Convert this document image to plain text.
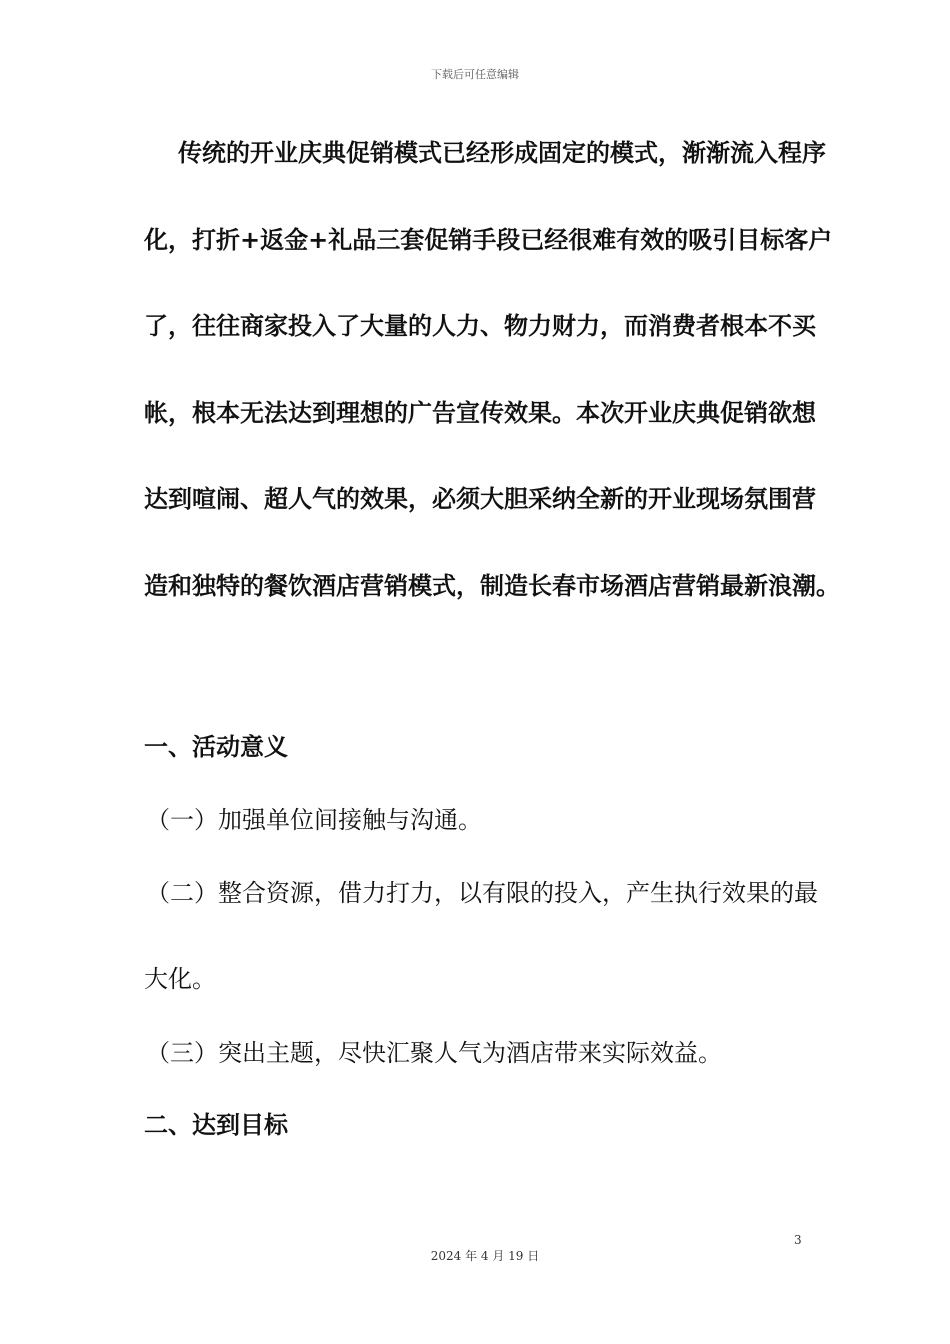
下载后可任意编辑
传统的开业庆典促销模式已经形成固定的模式，渐渐流入程序
化，打折+返金+礼品三套促销手段已经很难有效的吸引目标客户
了，往往商家投入了大量的人力、物力财力，而消费者根本不买
帐，根本无法达到理想的广告宣传效果。本次开业庆典促销欲想
达到喧闹、超人气的效果，必须大胆采纳全新的开业现场氛围营
造和独特的餐饮酒店营销模式，制造长春市场酒店营销最新浪潮。
一、活动意义
（一）加强单位间接触与沟通。
（二）整合资源，借力打力，以有限的投入，产生执行效果的最
大化。
（三）突出主题，尽快汇聚人气为酒店带来实际效益。
二、达到目标
3
2024 年 4 月 19 日
